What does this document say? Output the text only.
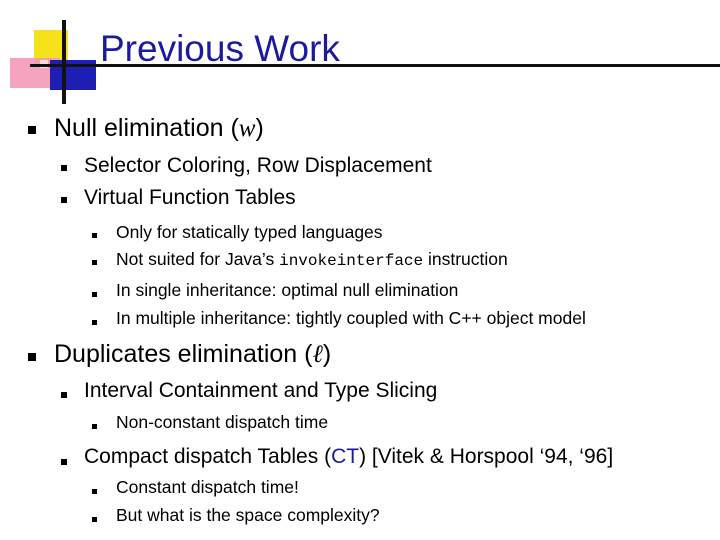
Previous Work
Null elimination (w)
Selector Coloring, Row Displacement
Virtual Function Tables
Only for statically typed languages
Not suited for Java’s invokeinterface instruction
In single inheritance: optimal null elimination
In multiple inheritance: tightly coupled with C++ object model
Duplicates elimination (ℓ)
Interval Containment and Type Slicing
Non-constant dispatch time
Compact dispatch Tables (CT) [Vitek & Horspool ‘94, ‘96]
Constant dispatch time!
But what is the space complexity?
